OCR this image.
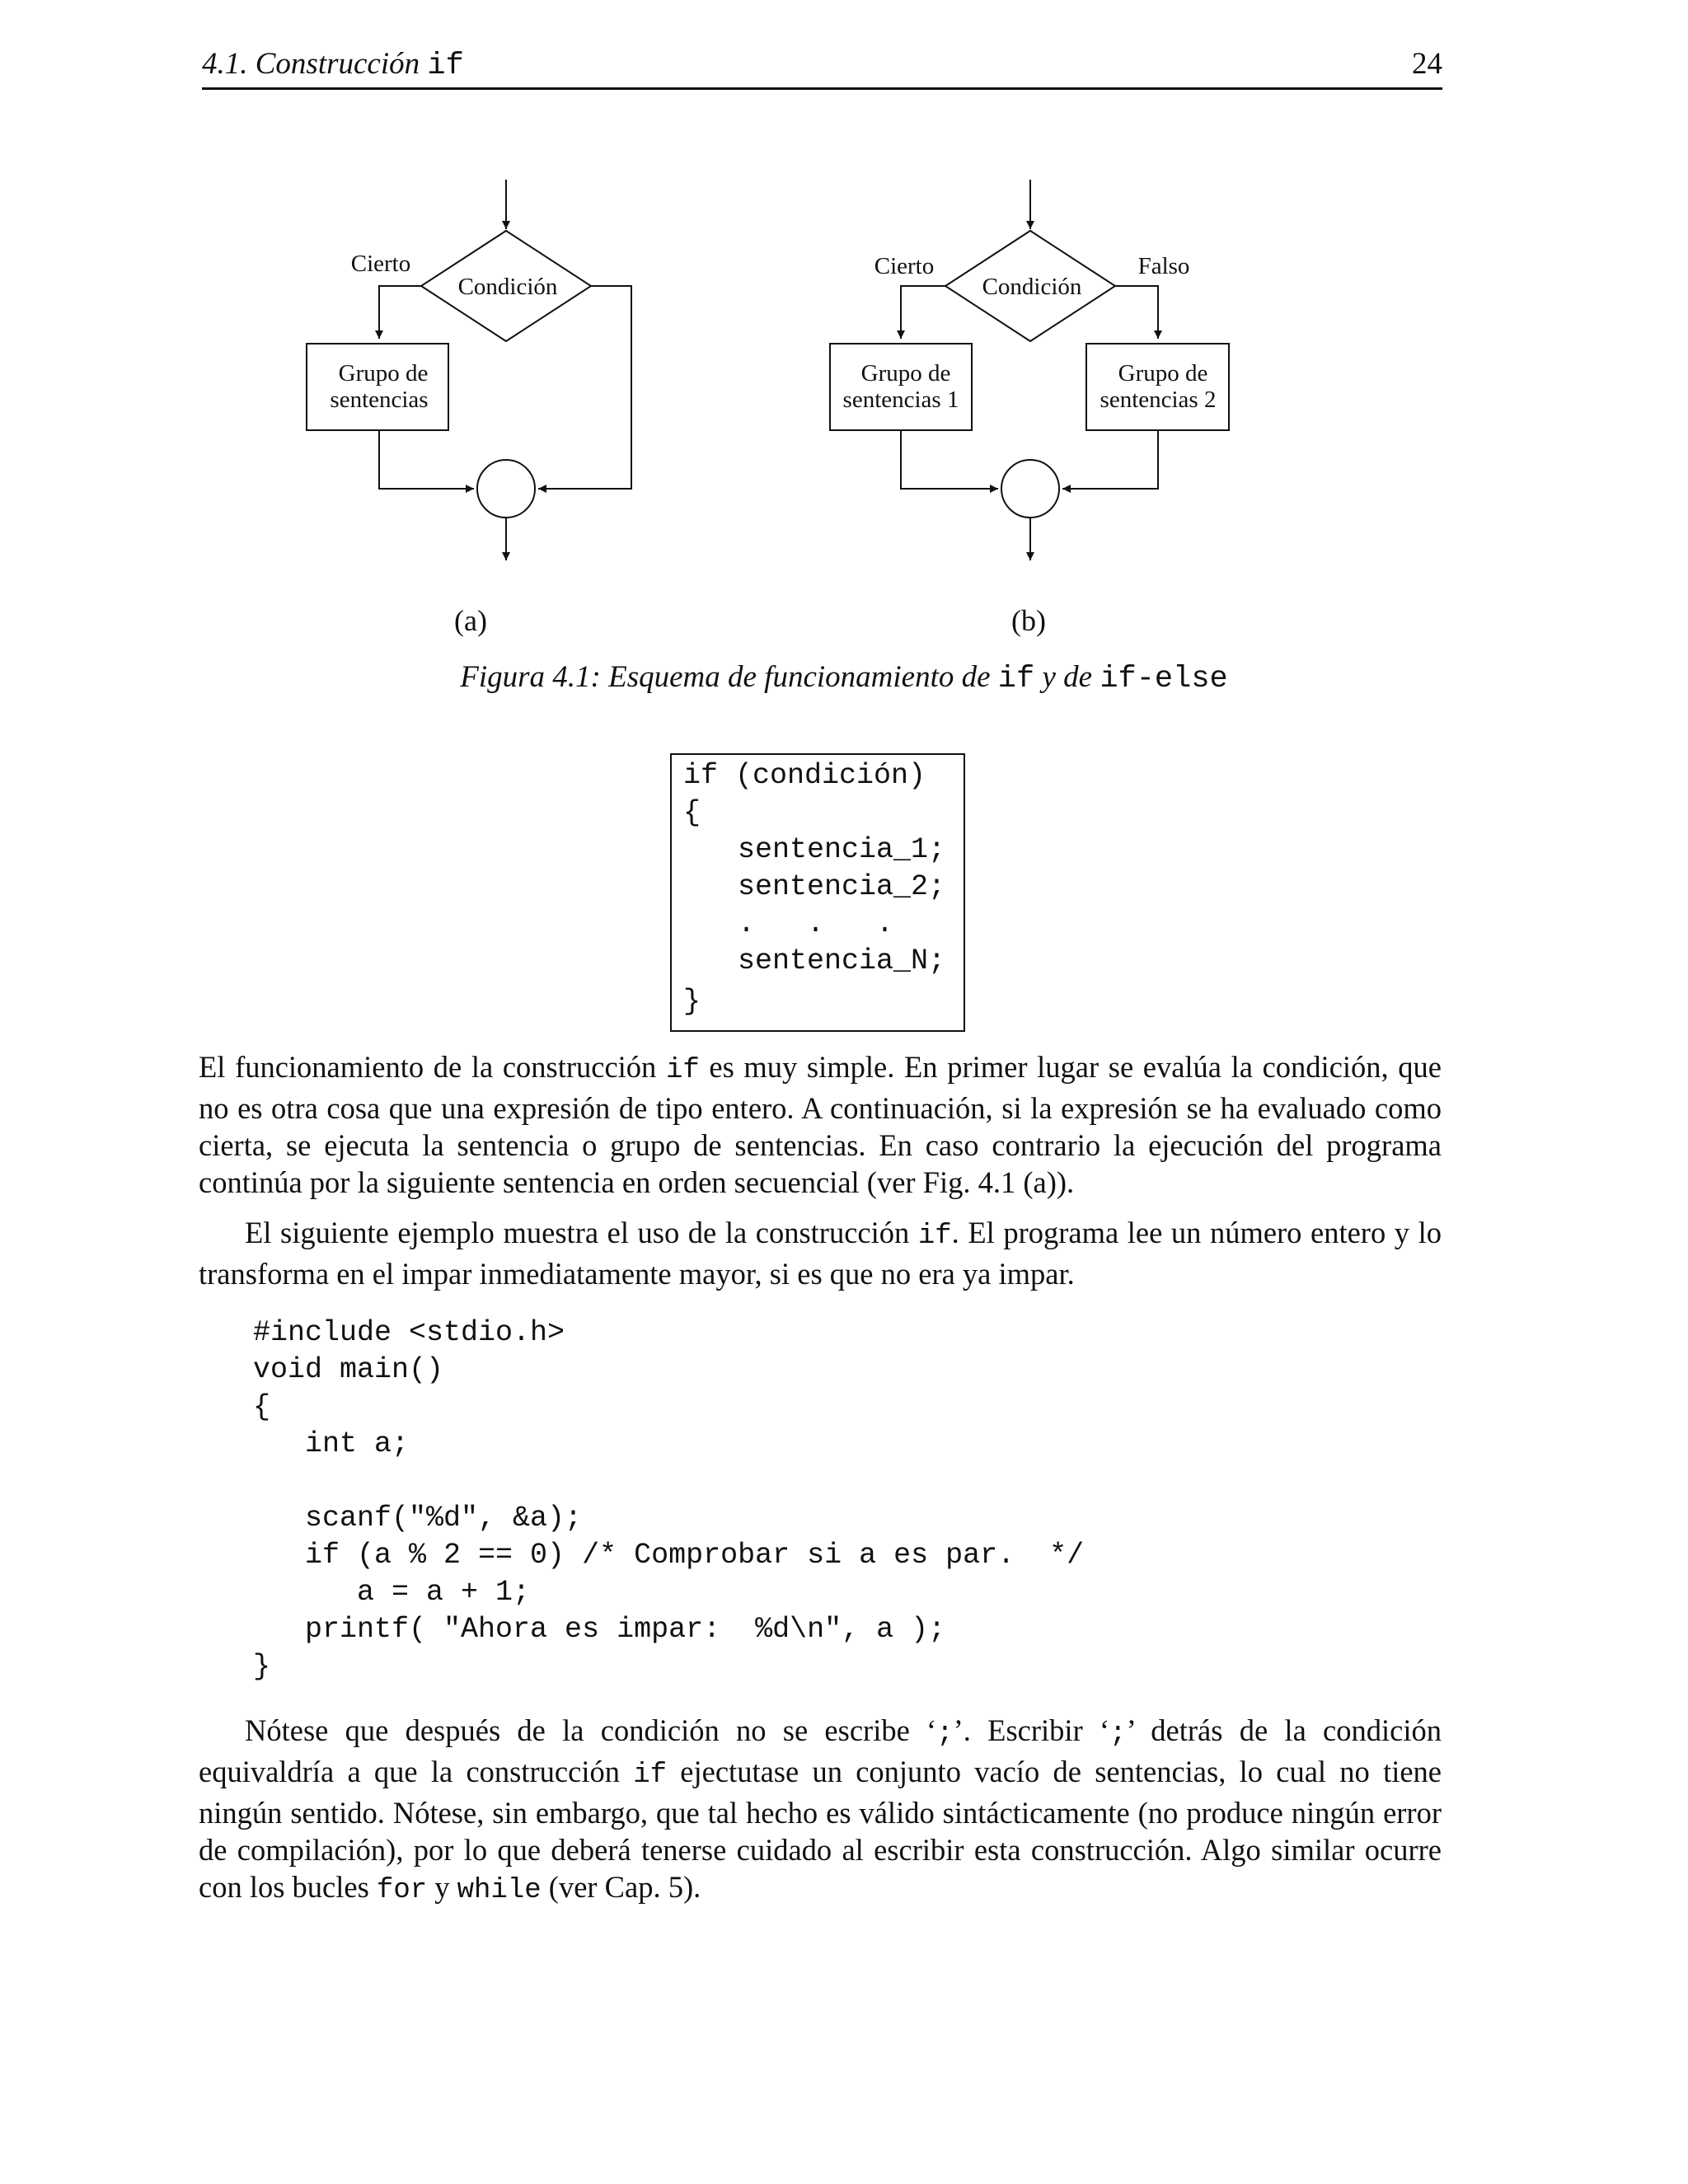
4.1. Construcción if	24
Cierto
Condición
Grupo de
sentencias
(a)
Cierto	Falso
Condición
Grupo de
sentencias 1
Grupo de
sentencias 2
(b)
Figura 4.1: Esquema de funcionamiento de if y de if-else
if (condición)
{
sentencia_1;
sentencia_2;
.   .   .
sentencia_N;
}
El funcionamiento de la construcción if es muy simple. En primer lugar se evalúa la condición, que no es otra cosa que una expresión de tipo entero. A continuación, si la expresión se ha evaluado como cierta, se ejecuta la sentencia o grupo de sentencias. En caso contrario la ejecución del programa continúa por la siguiente sentencia en orden secuencial (ver Fig. 4.1 (a)).
El siguiente ejemplo muestra el uso de la construcción if. El programa lee un número entero y lo transforma en el impar inmediatamente mayor, si es que no era ya impar.
#include <stdio.h>
void main()
{
int a;
scanf("%d", &a);
if (a % 2 == 0) /* Comprobar si a es par.  */
a = a + 1;
printf( "Ahora es impar:  %d\n", a );
}
Nótese que después de la condición no se escribe ‘;’. Escribir ‘;’ detrás de la condición equivaldría a que la construcción if ejectutase un conjunto vacío de sentencias, lo cual no tiene ningún sentido. Nótese, sin embargo, que tal hecho es válido sintácticamente (no produce ningún error de compilación), por lo que deberá tenerse cuidado al escribir esta construcción. Algo similar ocurre con los bucles for y while (ver Cap. 5).
